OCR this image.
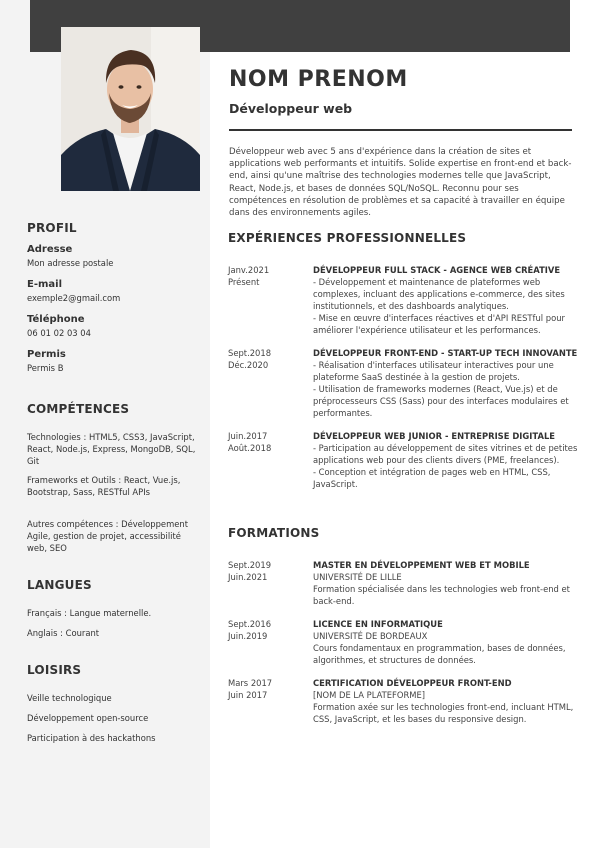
NOM PRENOM
Développeur web
Développeur web avec 5 ans d'expérience dans la création de sites et applications web performants et intuitifs. Solide expertise en front-end et back-end, ainsi qu'une maîtrise des technologies modernes telle que JavaScript, React, Node.js, et bases de données SQL/NoSQL. Reconnu pour ses compétences en résolution de problèmes et sa capacité à travailler en équipe dans des environnements agiles.
PROFIL
Adresse
Mon adresse postale
E-mail
exemple2@gmail.com
Téléphone
06 01 02 03 04
Permis
Permis B
COMPÉTENCES
Technologies : HTML5, CSS3, JavaScript, React, Node.js, Express, MongoDB, SQL, Git
Frameworks et Outils : React, Vue.js, Bootstrap, Sass, RESTful APIs
Autres compétences : Développement Agile, gestion de projet, accessibilité web, SEO
LANGUES
Français : Langue maternelle.
Anglais : Courant
LOISIRS
Veille technologique
Développement open-source
Participation à des hackathons
EXPÉRIENCES PROFESSIONNELLES
Janv.2021
Présent
DÉVELOPPEUR FULL STACK - AGENCE WEB CRÉATIVE
- Développement et maintenance de plateformes web complexes, incluant des applications e-commerce, des sites institutionnels, et des dashboards analytiques.
- Mise en œuvre d'interfaces réactives et d'API RESTful pour améliorer l'expérience utilisateur et les performances.
Sept.2018
Déc.2020
DÉVELOPPEUR FRONT-END - START-UP TECH INNOVANTE
- Réalisation d'interfaces utilisateur interactives pour une plateforme SaaS destinée à la gestion de projets.
- Utilisation de frameworks modernes (React, Vue.js) et de préprocesseurs CSS (Sass) pour des interfaces modulaires et performantes.
Juin.2017
Août.2018
DÉVELOPPEUR WEB JUNIOR - ENTREPRISE DIGITALE
- Participation au développement de sites vitrines et de petites applications web pour des clients divers (PME, freelances).
- Conception et intégration de pages web en HTML, CSS, JavaScript.
FORMATIONS
Sept.2019
Juin.2021
MASTER EN DÉVELOPPEMENT WEB ET MOBILE
UNIVERSITÉ DE LILLE
Formation spécialisée dans les technologies web front-end et back-end.
Sept.2016
Juin.2019
LICENCE EN INFORMATIQUE
UNIVERSITÉ DE BORDEAUX
Cours fondamentaux en programmation, bases de données, algorithmes, et structures de données.
Mars 2017
Juin 2017
CERTIFICATION DÉVELOPPEUR FRONT-END
[NOM DE LA PLATEFORME]
Formation axée sur les technologies front-end, incluant HTML, CSS, JavaScript, et les bases du responsive design.
